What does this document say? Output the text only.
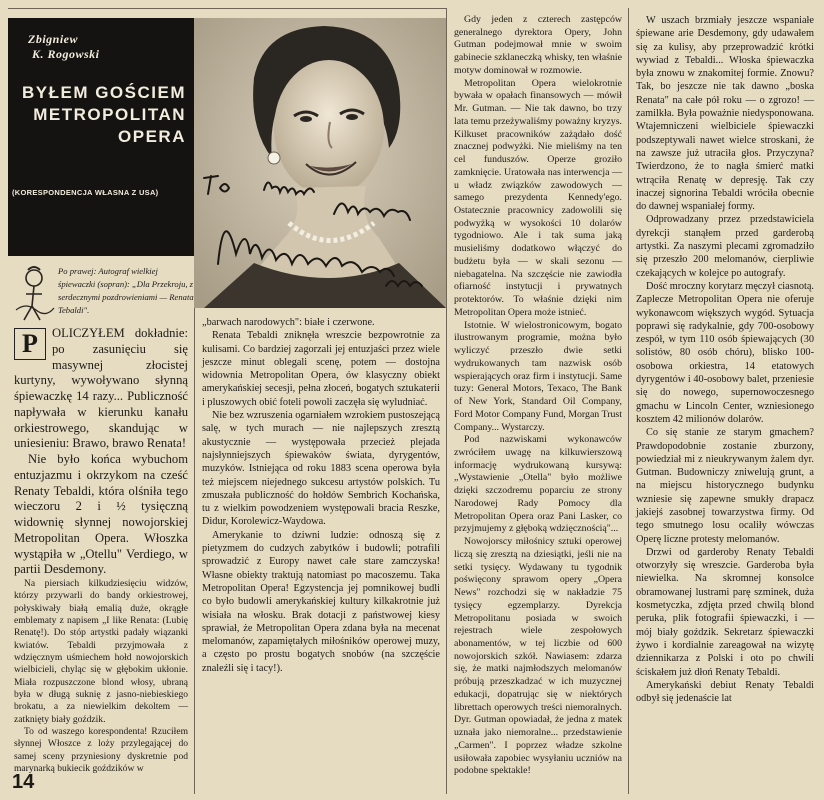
Zbigniew
K. Rogowski
BYŁEM GOŚCIEM
METROPOLITAN
OPERA
(KORESPONDENCJA WŁASNA Z USA)
Po prawej: Autograf wielkiej śpiewaczki (sopran): „Dla Przekroju, z serdecznymi pozdrowieniami — Renata Tebaldi".

P	OLICZYŁEM dokładnie: po zasunięciu się masywnej złocistej kurtyny, wywoływano słynną śpiewaczkę 14 razy... Publiczność napływała w kierunku kanału orkiestrowego, skandując w uniesieniu: Brawo, brawo Renata!

Nie było końca wybuchom entuzjazmu i okrzykom na cześć Renaty Tebaldi, która olśniła tego wieczoru 2 i ½ tysięczną widownię słynnej nowojorskiej Metropolitan Opera. Włoszka wystąpiła w „Otellu" Verdiego, w partii Desdemony.

Na piersiach kilkudziesięciu widzów, którzy przywarli do bandy orkiestrowej, połyskiwały białą emalią duże, okrągłe emblematy z napisem „I like Renata: (Lubię Renatę!). Do stóp artystki padały wiązanki kwiatów. Tebaldi przyjmowała z wdzięcznym uśmiechem hołd nowojorskich wielbicieli, chyląc się w głębokim ukłonie. Miała rozpuszczone blond włosy, ubraną była w długą suknię z jasno-niebieskiego brokatu, a za niewielkim dekoltem — zatknięty biały goździk.

To od waszego korespondenta! Rzuciłem słynnej Włoszce z loży przylegającej do samej sceny przyniesiony dyskretnie pod marynarką bukiecik goździków w

„barwach narodowych": białe i czerwone.

Renata Tebaldi zniknęła wreszcie bezpowrotnie za kulisami. Co bardziej zagorzali jej entuzjaści przez wiele jeszcze minut oblegali scenę, potem — dostojna widownia Metropolitan Opera, ów klasyczny obiekt amerykańskiej secesji, pełna złoceń, bogatych sztukaterii i pluszowych obić foteli powoli zaczęła się wyludniać.

Nie bez wzruszenia ogarniałem wzrokiem pustoszejącą salę, w tych murach — nie najlepszych zresztą akustycznie — występowała przecież plejada najsłynniejszych śpiewaków świata, dyrygentów, muzyków. Istniejąca od roku 1883 scena operowa była też miejscem niejednego sukcesu artystów polskich. Tu zmuszała publiczność do hołdów Sembrich Kochańska, tu z wielkim powodzeniem występowali bracia Reszke, Didur, Korolewicz-Waydowa.

Amerykanie to dziwni ludzie: odnoszą się z pietyzmem do cudzych zabytków i budowli; potrafili sprowadzić z Europy nawet całe stare zamczyska! Własne obiekty traktują natomiast po macoszemu. Taka Metropolitan Opera! Egzystencja jej pomnikowej budli co było budowli amerykańskiej kultury kilkakrotnie już wisiała na włosku. Brak dotacji z państwowej kiesy sprawiał, że Metropolitan Opera zdana była na mecenat melomanów, zapamiętałych miłośników operowej muzy, a często po prostu bogatych snobów (na szczęście znaleźli się i tacy!).

Gdy jeden z czterech zastępców generalnego dyrektora Opery, John Gutman podejmował mnie w swoim gabinecie szklaneczką whisky, ten właśnie motyw dominował w rozmowie.

Metropolitan Opera wielokrotnie bywała w opałach finansowych — mówił Mr. Gutman. — Nie tak dawno, bo trzy lata temu przeżywaliśmy poważny kryzys. Kilkuset pracowników zażądało dość znacznej podwyżki. Nie mieliśmy na ten cel funduszów. Operze groziło zamknięcie. Uratowała nas interwencja — u władz związków zawodowych — samego prezydenta Kennedy'ego. Ostatecznie pracownicy zadowolili się podwyżką w wysokości 10 dolarów tygodniowo. Ale i tak suma jaką musieliśmy dodatkowo włączyć do budżetu była — w skali sezonu — niebagatelna. Na szczęście nie zawiodła ofiarność instytucji i prywatnych protektorów. To właśnie dzięki nim Metropolitan Opera może istnieć.

Istotnie. W wielostronicowym, bogato ilustrowanym programie, można było wyliczyć przeszło dwie setki wydrukowanych tam nazwisk osób wspierających oraz firm i instytucji. Same tuzy: General Motors, Texaco, The Bank of New York, Standard Oil Company, Ford Motor Company Fund, Morgan Trust Company... Wystarczy.

Pod nazwiskami wykonawców zwróciłem uwagę na kilkuwierszową informację wydrukowaną kursywą: „Wystawienie „Otella" było możliwe dzięki szczodremu poparciu ze strony Narodowej Rady Pomocy dla Metropolitan Opera oraz Pani Lasker, co przyjmujemy z głęboką wdzięcznością"...

Nowojorscy miłośnicy sztuki operowej liczą się zresztą na dziesiątki, jeśli nie na setki tysięcy. Wydawany tu tygodnik poświęcony sprawom opery „Opera News" rozchodzi się w nakładzie 75 tysięcy egzemplarzy. Dyrekcja Metropolitanu posiada w swoich rejestrach wiele zespołowych abonamentów, w tej liczbie od 600 nowojorskich szkół. Nawiasem: zdarza się, że matki najmłodszych melomanów próbują przeszkadzać w ich muzycznej edukacji, dopatrując się w niektórych librettach operowych treści niemoralnych. Dyr. Gutman opowiadał, że jedna z matek uznała jako niemoralne... przedstawienie „Carmen". I poprzez władze szkolne usiłowała zapobiec wysyłaniu uczniów na podobne spektakle!

W uszach brzmiały jeszcze wspaniałe śpiewane arie Desdemony, gdy udawałem się za kulisy, aby przeprowadzić krótki wywiad z Tebaldi... Włoska śpiewaczka była znowu w znakomitej formie. Znowu? Tak, bo jeszcze nie tak dawno „boska Renata" na całe pół roku — o zgrozo! — zamilkła. Była poważnie niedysponowana. Wtajemniczeni wielbiciele śpiewaczki podszeptywali nawet wielce stroskani, że na zawsze już utraciła głos. Przyczyna? Twierdzono, że to nagła śmierć matki wtrąciła Renatę w depresję. Tak czy inaczej signorina Tebaldi wróciła obecnie do dawnej wspaniałej formy.

Odprowadzany przez przedstawiciela dyrekcji stanąłem przed garderobą artystki. Za naszymi plecami zgromadziło się przeszło 200 melomanów, cierpliwie czekających w kolejce po autografy.

Dość mroczny korytarz męczył ciasnotą. Zaplecze Metropolitan Opera nie oferuje wykonawcom większych wygód. Sytuacja poprawi się radykalnie, gdy 700-osobowy zespół, w tym 110 osób śpiewających (30 solistów, 80 osób chóru), blisko 100-osobowa orkiestra, 14 etatowych dyrygentów i 40-osobowy balet, przeniesie się do nowego, supernowoczesnego gmachu w Lincoln Center, wzniesionego kosztem 42 milionów dolarów.

Co się stanie ze starym gmachem? Prawdopodobnie zostanie zburzony, powiedział mi z nieukrywanym żalem dyr. Gutman. Budowniczy zniwelują grunt, a na miejscu historycznego budynku wzniesie się zapewne smukły drapacz jakiejś zasobnej towarzystwa firmy. Od tego smutnego losu ocaliły wówczas Operę liczne protesty melomanów.

Drzwi od garderoby Renaty Tebaldi otworzyły się wreszcie. Garderoba była niewielka. Na skromnej konsolce obramowanej lustrami parę szminek, duża kosmetyczka, zdjęta przed chwilą blond peruka, plik fotografii śpiewaczki, i — mój biały goździk. Sekretarz śpiewaczki żywo i kordialnie zareagował na wizytę dziennikarza z Polski i oto po chwili ściskałem już dłoń Renaty Tebaldi.

Amerykański debiut Renaty Tebaldi odbył się jedenaście lat

14
